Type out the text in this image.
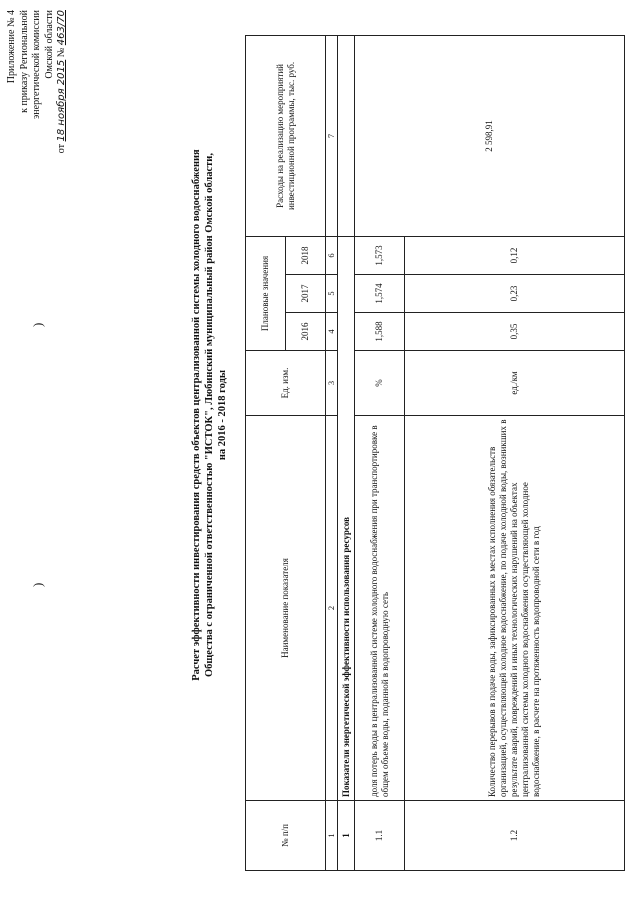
Приложение № 4 к приказу Региональной энергетической комиссии Омской области
от 18 ноября 2015 № 463/70
)
)	Расчет эффективности инвестирования средств объектов централизованной системы холодного водоснабжения Общества с ограниченной ответственностью "ИСТОК", Любинский муниципальный район Омской области, на 2016 - 2018 годы
№ п/п	Наименование показателя	Ед. изм.	Плановые значения			Расходы на реализацию мероприятий инвестиционной программы, тыс. руб.
			2016	2017	2018	
1	2	3	4	5	6	7
1	Показатели энергетической эффективности использования ресурсов					
1.1	доля потерь воды в централизованной системе холодного водоснабжения при транспортировке в общем объеме воды, поданной в водопроводную сеть	%	1,588	1,574	1,573	2 598,91
1.2	Количество перерывов в подаче воды, зафиксированных в местах исполнения обязательств организацией, осуществляющей холодное водоснабжение, по подаче холодной воды, возникших в результате аварий, повреждений и иных технологических нарушений на объектах централизованной системы холодного водоснабжения осуществляющей холодное водоснабжение, в расчете на протяженность водопроводной сети в год	ед./км	0,35	0,23	0,12	
